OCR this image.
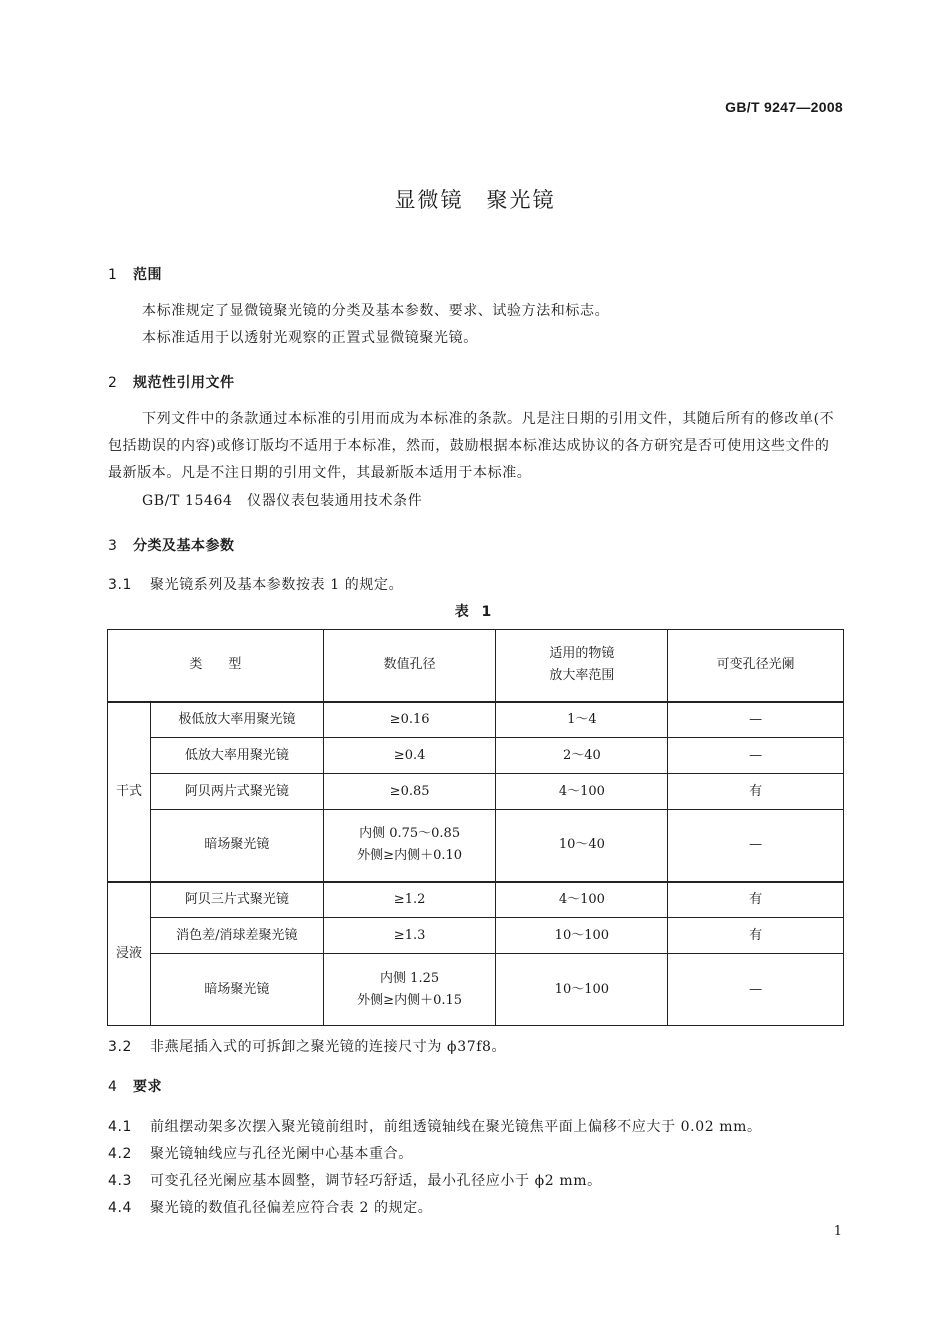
GB/T 9247—2008
显微镜　聚光镜
1 范围
本标准规定了显微镜聚光镜的分类及基本参数、要求、试验方法和标志。
本标准适用于以透射光观察的正置式显微镜聚光镜。
2 规范性引用文件
下列文件中的条款通过本标准的引用而成为本标准的条款。凡是注日期的引用文件，其随后所有的修改单(不包括勘误的内容)或修订版均不适用于本标准，然而，鼓励根据本标准达成协议的各方研究是否可使用这些文件的最新版本。凡是不注日期的引用文件，其最新版本适用于本标准。
GB/T 15464　仪器仪表包装通用技术条件
3 分类及基本参数
3.1 聚光镜系列及基本参数按表 1 的规定。
表 1
类　　型		数值孔径	适用的物镜
放大率范围	可变孔径光阑
干式	极低放大率用聚光镜	≥0.16	1～4	—
	低放大率用聚光镜	≥0.4	2～40	—
	阿贝两片式聚光镜	≥0.85	4～100	有
	暗场聚光镜	内侧 0.75～0.85
外侧≥内侧＋0.10	10～40	—
浸液	阿贝三片式聚光镜	≥1.2	4～100	有
	消色差/消球差聚光镜	≥1.3	10～100	有
	暗场聚光镜	内侧 1.25
外侧≥内侧＋0.15	10～100	—
3.2 非燕尾插入式的可拆卸之聚光镜的连接尺寸为 ϕ37f8。
4 要求
4.1 前组摆动架多次摆入聚光镜前组时，前组透镜轴线在聚光镜焦平面上偏移不应大于 0.02 mm。
4.2 聚光镜轴线应与孔径光阑中心基本重合。
4.3 可变孔径光阑应基本圆整，调节轻巧舒适，最小孔径应小于 ϕ2 mm。
4.4 聚光镜的数值孔径偏差应符合表 2 的规定。
1
